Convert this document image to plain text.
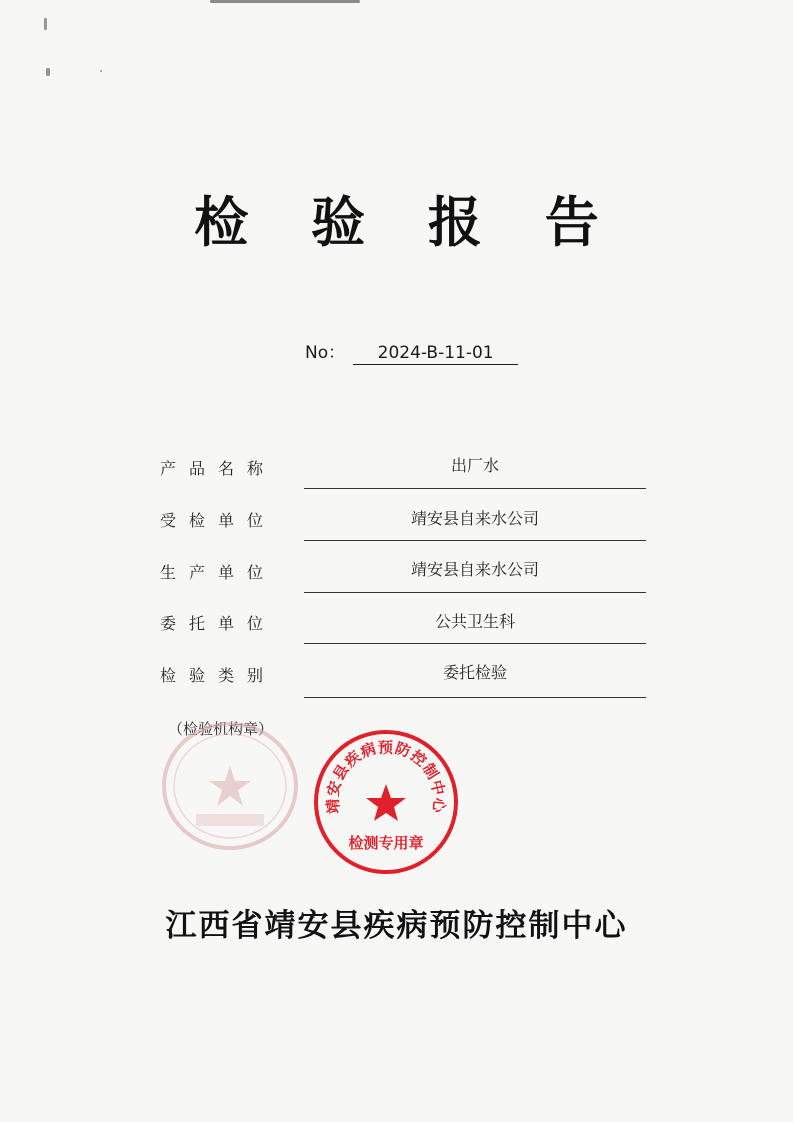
检 验 报 告
No： 2024-B-11-01
产品名称	出厂水
受检单位	靖安县自来水公司
生产单位	靖安县自来水公司
委托单位	公共卫生科
检验类别	委托检验
（检验机构章）
靖安县疾病预防控制中心
检测专用章
江西省靖安县疾病预防控制中心
